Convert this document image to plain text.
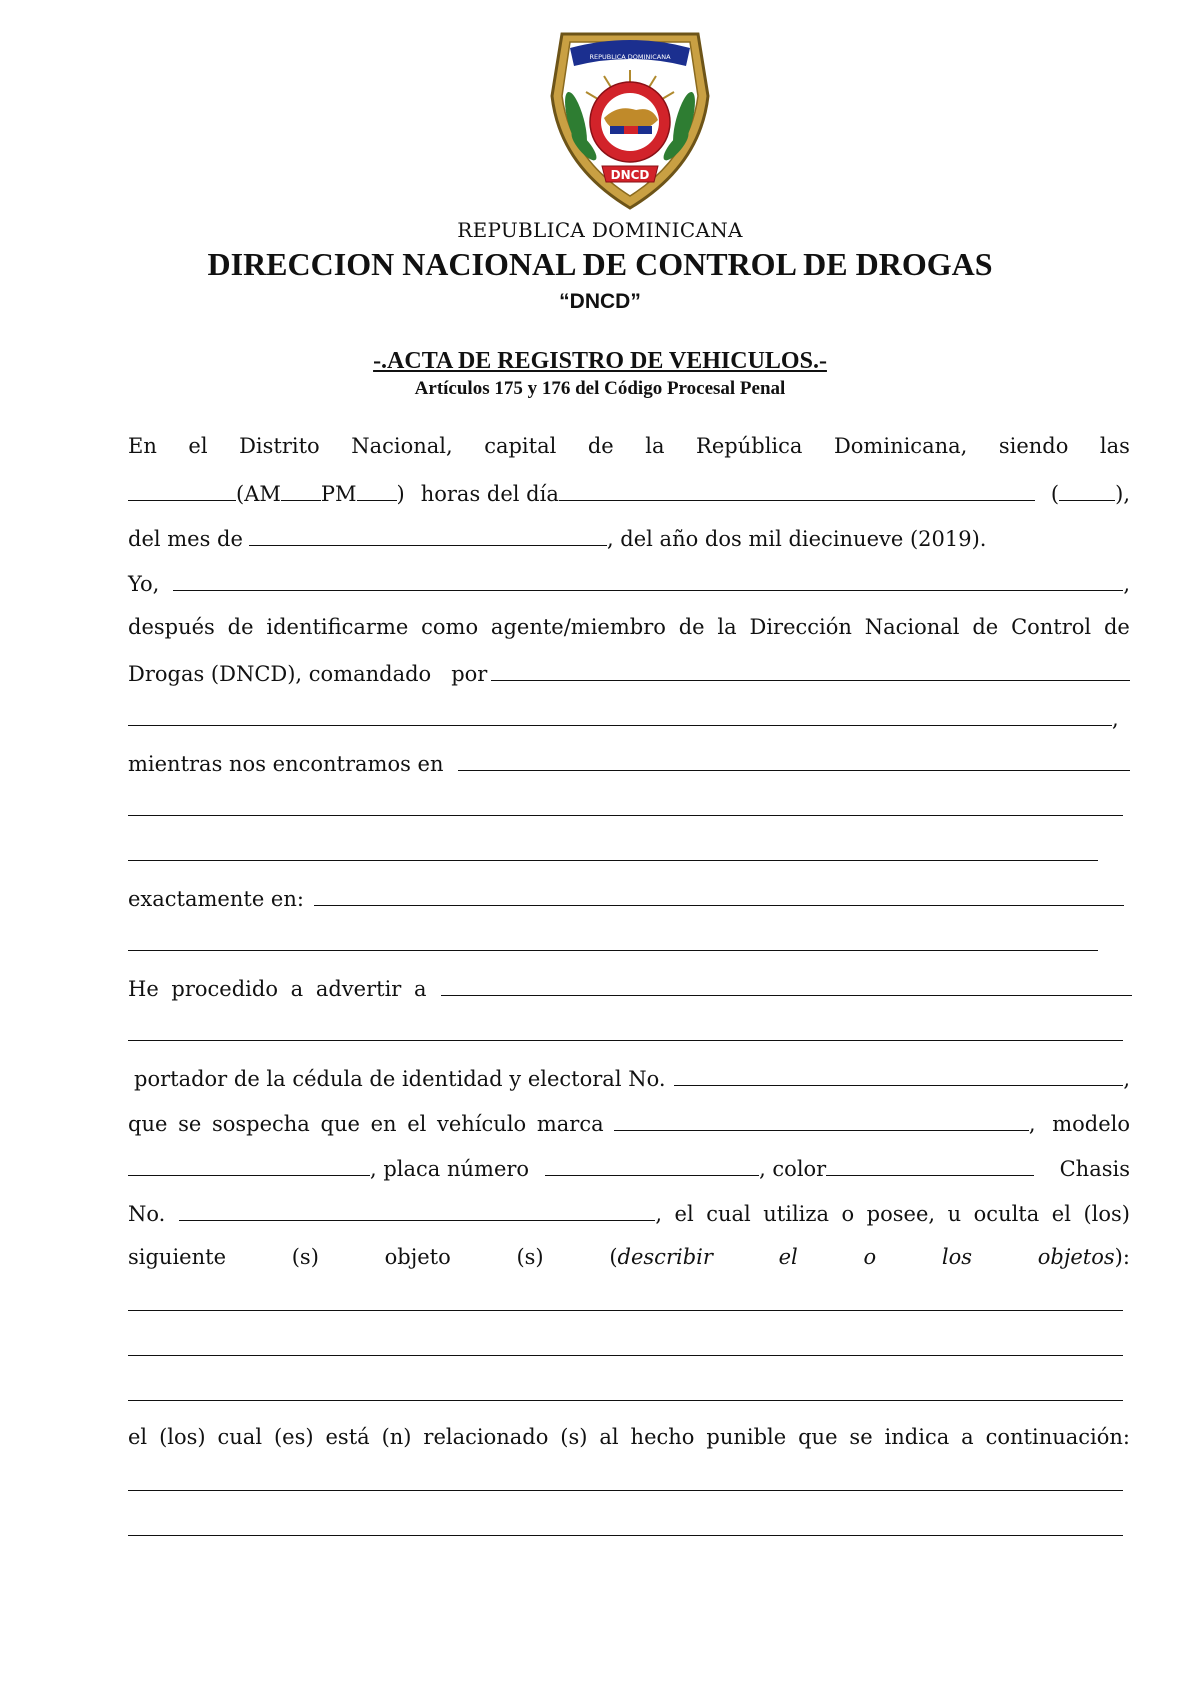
REPUBLICA DOMINICANA
DNCD
REPUBLICA DOMINICANA
DIRECCION NACIONAL DE CONTROL DE DROGAS
“DNCD”
-.ACTA DE REGISTRO DE VEHICULOS.-
Artículos 175 y 176 del Código Procesal Penal
En el Distrito Nacional, capital de la República Dominicana, siendo las
(AM PM ) horas del día	(	),
del mes de	, del año dos mil diecinueve (2019).
Yo,	,
después de identificarme como agente/miembro de la Dirección Nacional de Control de
Drogas (DNCD), comandado   por
,
mientras nos encontramos en
exactamente en:
He procedido a advertir a
portador de la cédula de identidad y electoral No.	,
que se sospecha que en el vehículo marca	, modelo
, placa número	, color	Chasis
No.	, el cual utiliza o posee, u oculta el (los)
siguiente	(s)	objeto	(s)	(describir	el	o	los	objetos):
el (los) cual (es) está (n) relacionado (s) al hecho punible que se indica a continuación:
